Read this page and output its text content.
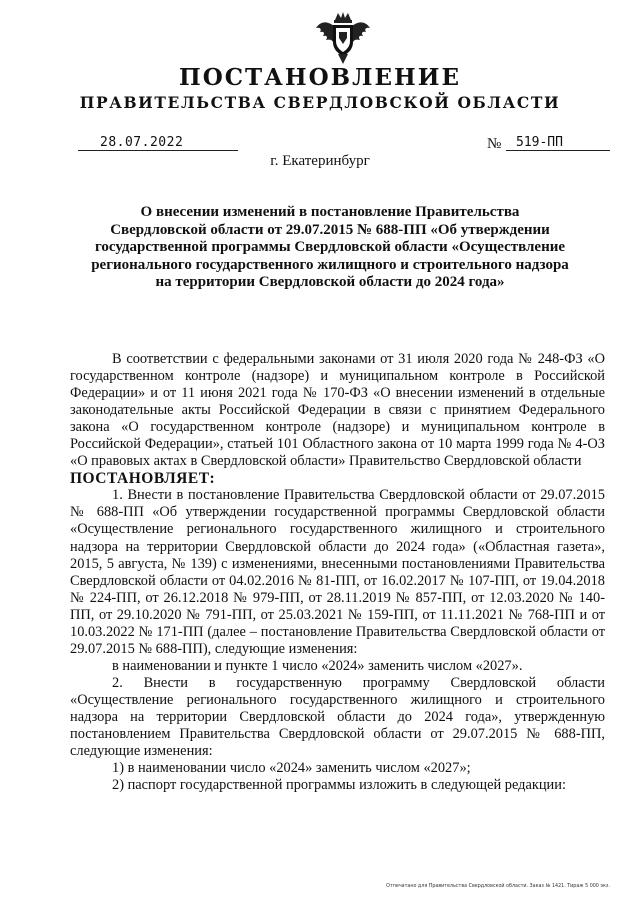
ПОСТАНОВЛЕНИЕ
ПРАВИТЕЛЬСТВА СВЕРДЛОВСКОЙ ОБЛАСТИ
28.07.2022	№ 519-ПП
г. Екатеринбург
О внесении изменений в постановление Правительства
Свердловской области от 29.07.2015 № 688-ПП «Об утверждении
государственной программы Свердловской области «Осуществление
регионального государственного жилищного и строительного надзора
на территории Свердловской области до 2024 года»

В соответствии с федеральными законами от 31 июля 2020 года № 248-ФЗ «О государственном контроле (надзоре) и муниципальном контроле в Российской Федерации» и от 11 июня 2021 года № 170-ФЗ «О внесении изменений в отдельные законодательные акты Российской Федерации в связи с принятием Федерального закона «О государственном контроле (надзоре) и муниципальном контроле в Российской Федерации», статьей 101 Областного закона от 10 марта 1999 года № 4-ОЗ «О правовых актах в Свердловской области» Правительство Свердловской области

ПОСТАНОВЛЯЕТ:

1. Внести в постановление Правительства Свердловской области от 29.07.2015 № 688-ПП «Об утверждении государственной программы Свердловской области «Осуществление регионального государственного жилищного и строительного надзора на территории Свердловской области до 2024 года» («Областная газета», 2015, 5 августа, № 139) с изменениями, внесенными постановлениями Правительства Свердловской области от 04.02.2016 № 81-ПП, от 16.02.2017 № 107-ПП, от 19.04.2018 № 224-ПП, от 26.12.2018 № 979-ПП, от 28.11.2019 № 857-ПП, от 12.03.2020 № 140-ПП, от 29.10.2020 № 791-ПП, от 25.03.2021 № 159-ПП, от 11.11.2021 № 768-ПП и от 10.03.2022 № 171-ПП (далее – постановление Правительства Свердловской области от 29.07.2015 № 688-ПП), следующие изменения:

в наименовании и пункте 1 число «2024» заменить числом «2027».

2. Внести в государственную программу Свердловской области «Осуществление регионального государственного жилищного и строительного надзора на территории Свердловской области до 2024 года», утвержденную постановлением Правительства Свердловской области от 29.07.2015 № 688-ПП, следующие изменения:

1) в наименовании число «2024» заменить числом «2027»;

2) паспорт государственной программы изложить в следующей редакции:

Отпечатано для Правительства Свердловской области. Заказ № 1421. Тираж 5 000 экз.
